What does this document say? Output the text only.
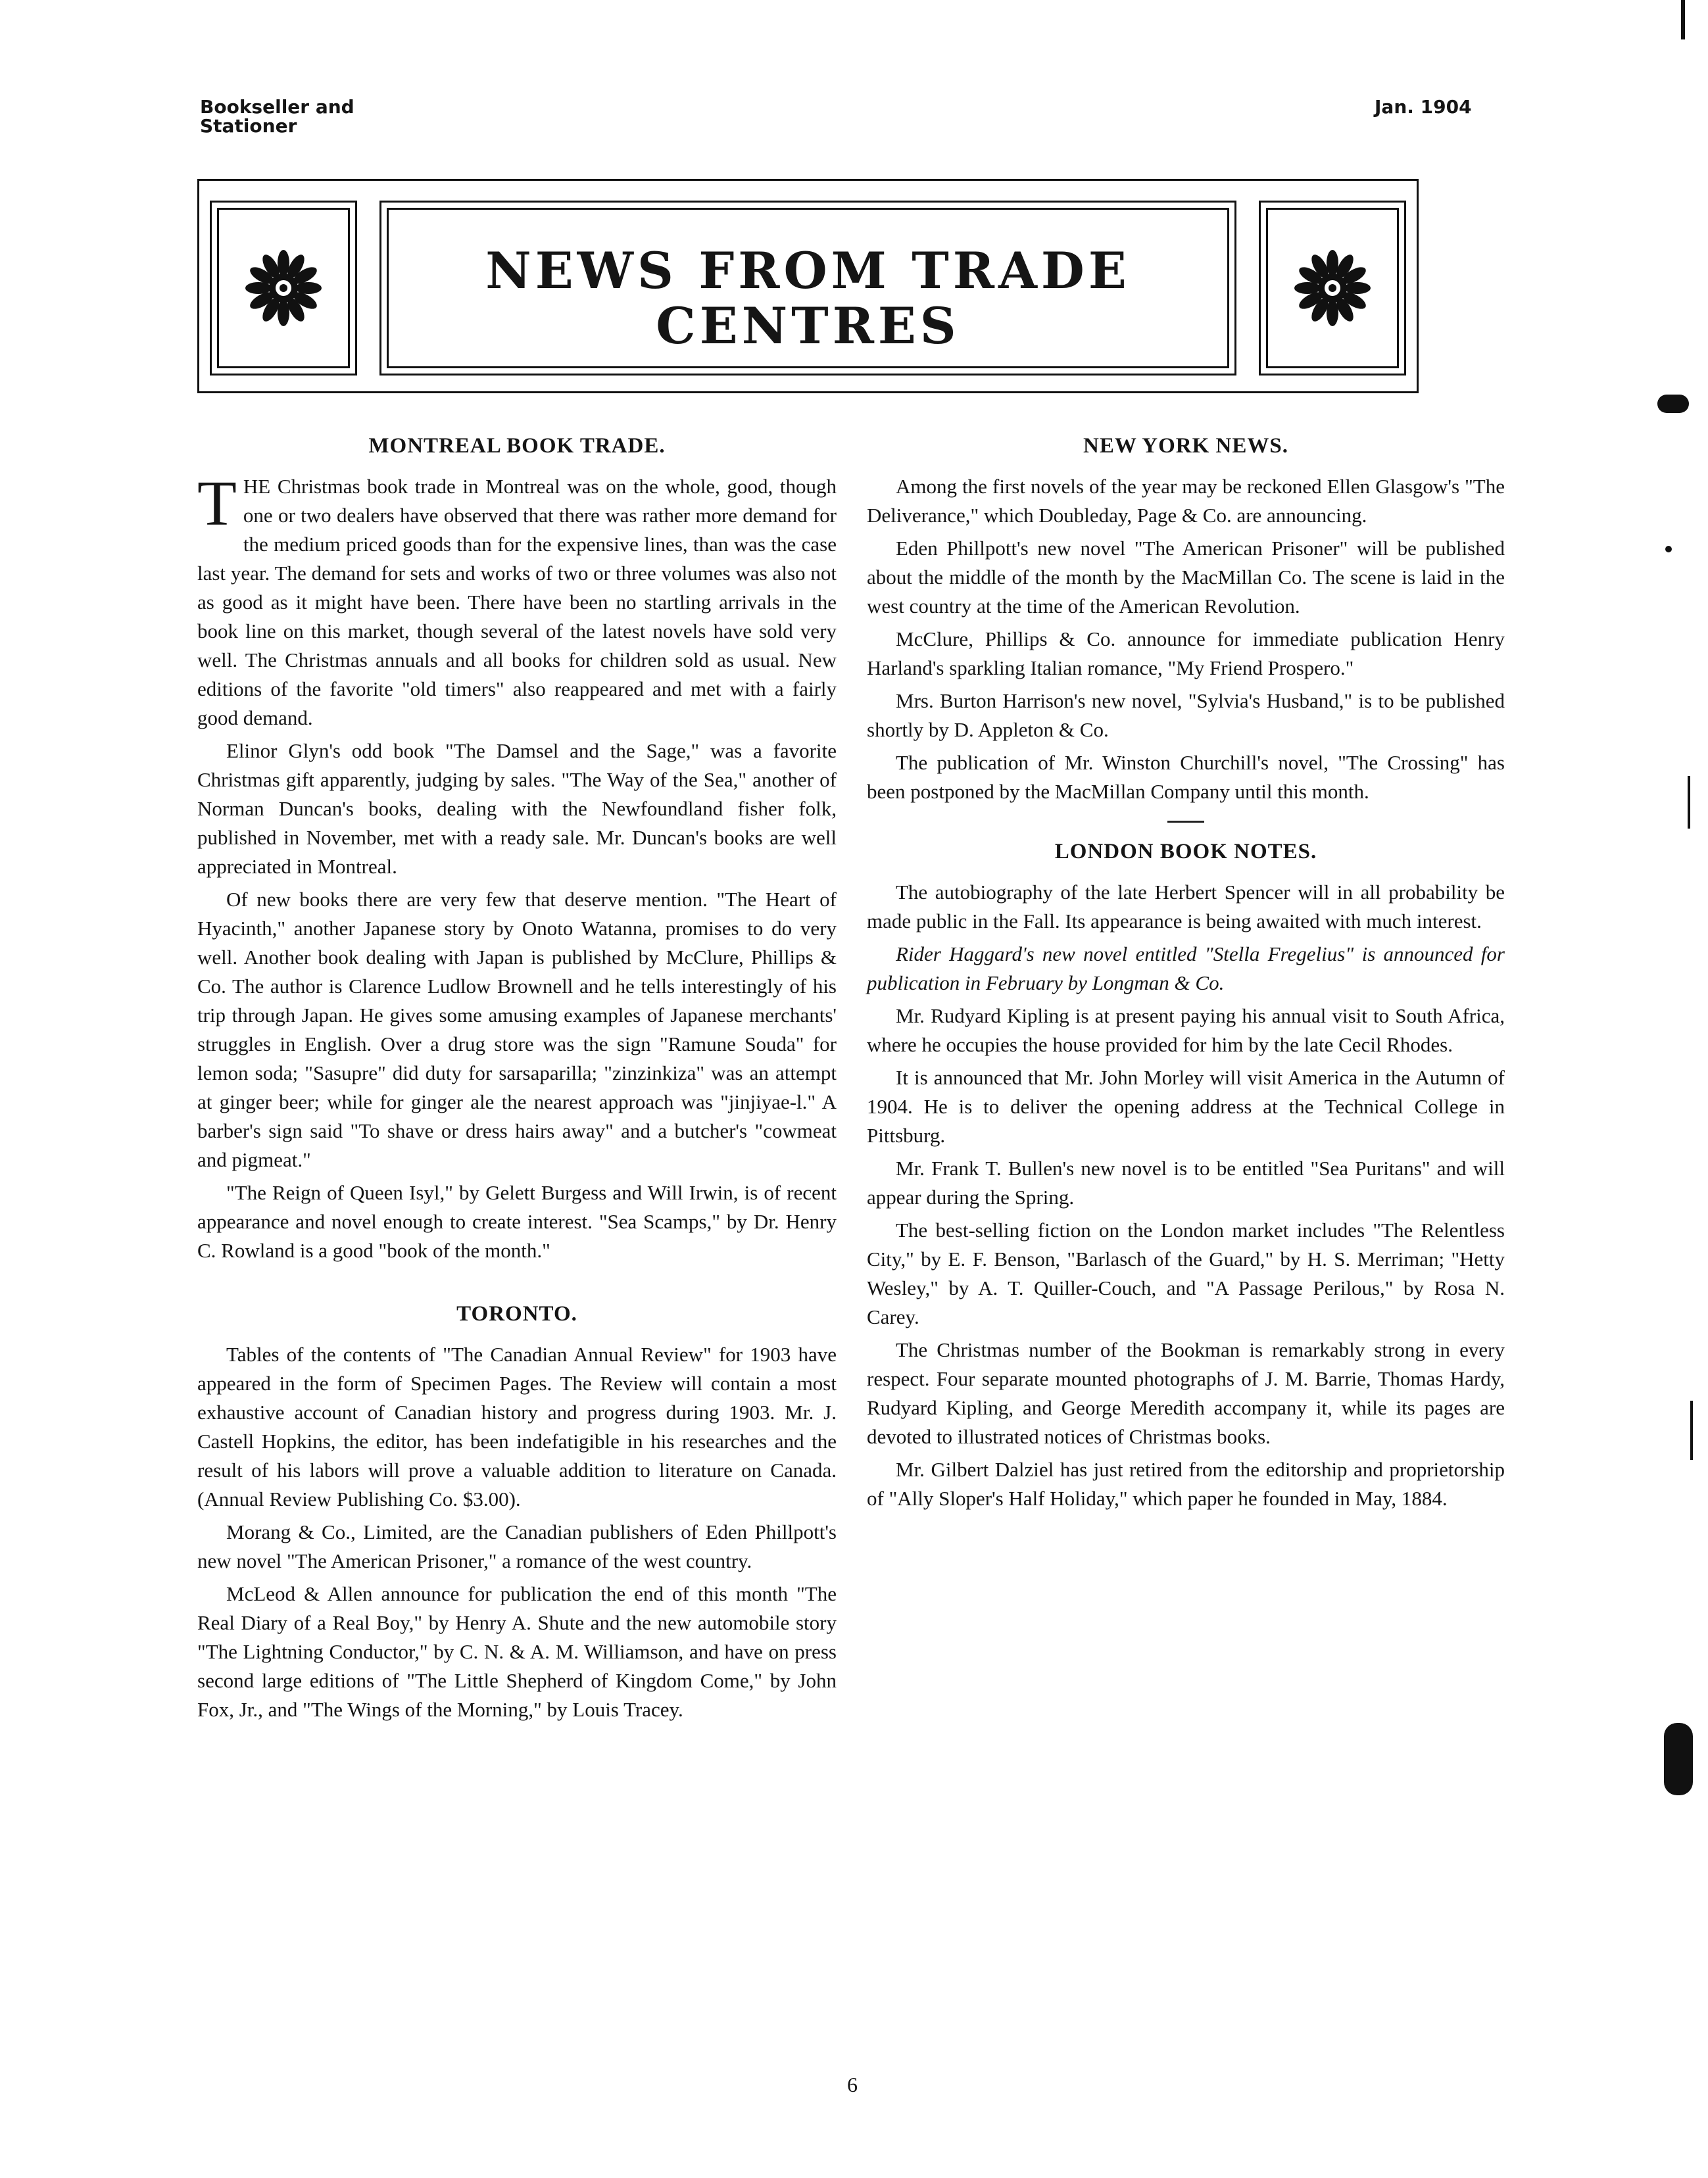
Bookseller and
Stationer
Jan. 1904
NEWS FROM TRADE
CENTRES
MONTREAL BOOK TRADE.

THE Christmas book trade in Montreal was on the whole, good, though one or two dealers have observed that there was rather more demand for the medium priced goods than for the expensive lines, than was the case last year. The demand for sets and works of two or three volumes was also not as good as it might have been. There have been no startling arrivals in the book line on this market, though several of the latest novels have sold very well. The Christmas annuals and all books for children sold as usual. New editions of the favorite "old timers" also reappeared and met with a fairly good demand.

Elinor Glyn's odd book "The Damsel and the Sage," was a favorite Christmas gift apparently, judging by sales. "The Way of the Sea," another of Norman Duncan's books, dealing with the Newfoundland fisher folk, published in November, met with a ready sale. Mr. Duncan's books are well appreciated in Montreal.

Of new books there are very few that deserve mention. "The Heart of Hyacinth," another Japanese story by Onoto Watanna, promises to do very well. Another book dealing with Japan is published by McClure, Phillips & Co. The author is Clarence Ludlow Brownell and he tells interestingly of his trip through Japan. He gives some amusing examples of Japanese merchants' struggles in English. Over a drug store was the sign "Ramune Souda" for lemon soda; "Sasupre" did duty for sarsaparilla; "zinzinkiza" was an attempt at ginger beer; while for ginger ale the nearest approach was "jinjiyae-l." A barber's sign said "To shave or dress hairs away" and a butcher's "cowmeat and pigmeat."

"The Reign of Queen Isyl," by Gelett Burgess and Will Irwin, is of recent appearance and novel enough to create interest. "Sea Scamps," by Dr. Henry C. Rowland is a good "book of the month."

TORONTO.

Tables of the contents of "The Canadian Annual Review" for 1903 have appeared in the form of Specimen Pages. The Review will contain a most exhaustive account of Canadian history and progress during 1903. Mr. J. Castell Hopkins, the editor, has been indefatigible in his researches and the result of his labors will prove a valuable addition to literature on Canada. (Annual Review Publishing Co. $3.00).

Morang & Co., Limited, are the Canadian publishers of Eden Phillpott's new novel "The American Prisoner," a romance of the west country.

McLeod & Allen announce for publication the end of this month "The Real Diary of a Real Boy," by Henry A. Shute and the new automobile story "The Lightning Conductor," by C. N. & A. M. Williamson, and have on press second large editions of "The Little Shepherd of Kingdom Come," by John Fox, Jr., and "The Wings of the Morning," by Louis Tracey.

NEW YORK NEWS.

Among the first novels of the year may be reckoned Ellen Glasgow's "The Deliverance," which Doubleday, Page & Co. are announcing.

Eden Phillpott's new novel "The American Prisoner" will be published about the middle of the month by the MacMillan Co. The scene is laid in the west country at the time of the American Revolution.

McClure, Phillips & Co. announce for immediate publication Henry Harland's sparkling Italian romance, "My Friend Prospero."

Mrs. Burton Harrison's new novel, "Sylvia's Husband," is to be published shortly by D. Appleton & Co.

The publication of Mr. Winston Churchill's novel, "The Crossing" has been postponed by the MacMillan Company until this month.

LONDON BOOK NOTES.

The autobiography of the late Herbert Spencer will in all probability be made public in the Fall. Its appearance is being awaited with much interest.

Rider Haggard's new novel entitled "Stella Fregelius" is announced for publication in February by Longman & Co.

Mr. Rudyard Kipling is at present paying his annual visit to South Africa, where he occupies the house provided for him by the late Cecil Rhodes.

It is announced that Mr. John Morley will visit America in the Autumn of 1904. He is to deliver the opening address at the Technical College in Pittsburg.

Mr. Frank T. Bullen's new novel is to be entitled "Sea Puritans" and will appear during the Spring.

The best-selling fiction on the London market includes "The Relentless City," by E. F. Benson, "Barlasch of the Guard," by H. S. Merriman; "Hetty Wesley," by A. T. Quiller-Couch, and "A Passage Perilous," by Rosa N. Carey.

The Christmas number of the Bookman is remarkably strong in every respect. Four separate mounted photographs of J. M. Barrie, Thomas Hardy, Rudyard Kipling, and George Meredith accompany it, while its pages are devoted to illustrated notices of Christmas books.

Mr. Gilbert Dalziel has just retired from the editorship and proprietorship of "Ally Sloper's Half Holiday," which paper he founded in May, 1884.

6
